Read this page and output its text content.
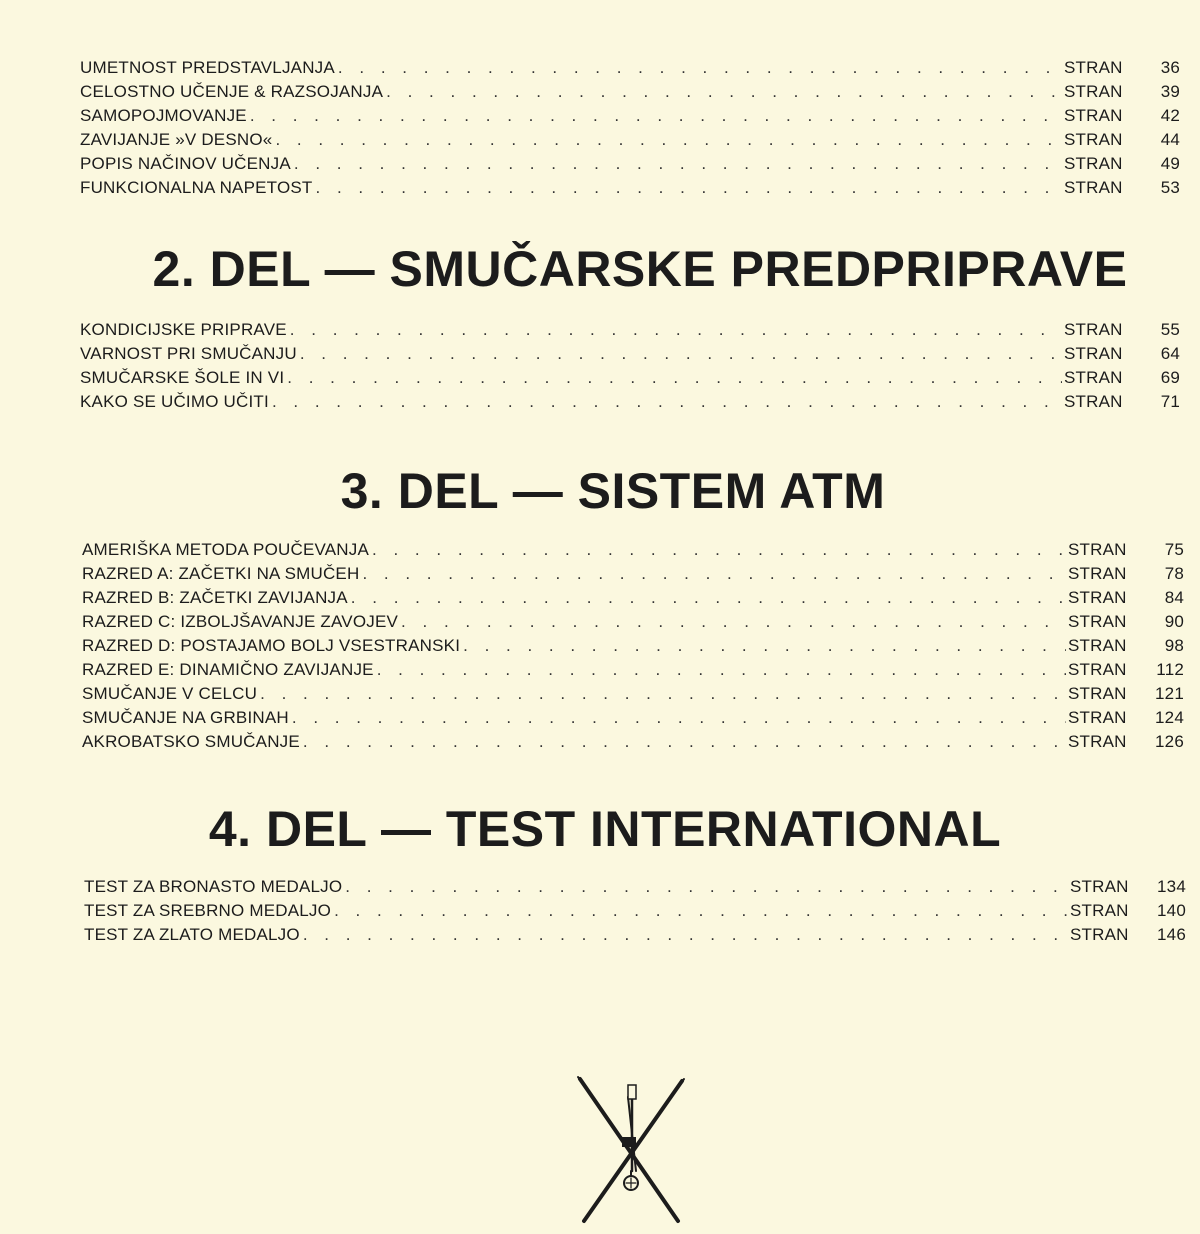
UMETNOST PREDSTAVLJANJA . . .	STRAN	36
CELOSTNO UČENJE & RAZSOJANJA . . .	STRAN	39
SAMOPOJMOVANJE . . .	STRAN	42
ZAVIJANJE »V DESNO« . . .	STRAN	44
POPIS NAČINOV UČENJA . . .	STRAN	49
FUNKCIONALNA NAPETOST . . .	STRAN	53
2. DEL — SMUČARSKE PREDPRIPRAVE
KONDICIJSKE PRIPRAVE . . .	STRAN	55
VARNOST PRI SMUČANJU . . .	STRAN	64
SMUČARSKE ŠOLE IN VI . . .	STRAN	69
KAKO SE UČIMO UČITI . . .	STRAN	71
3. DEL — SISTEM ATM
AMERIŠKA METODA POUČEVANJA . . .	STRAN	75
RAZRED A: ZAČETKI NA SMUČEH . . .	STRAN	78
RAZRED B: ZAČETKI ZAVIJANJA . . .	STRAN	84
RAZRED C: IZBOLJŠAVANJE ZAVOJEV . . .	STRAN	90
RAZRED D: POSTAJAMO BOLJ VSESTRANSKI . . .	STRAN	98
RAZRED E: DINAMIČNO ZAVIJANJE . . .	STRAN	112
SMUČANJE V CELCU . . .	STRAN	121
SMUČANJE NA GRBINAH . . .	STRAN	124
AKROBATSKO SMUČANJE . . .	STRAN	126
4. DEL — TEST INTERNATIONAL
TEST ZA BRONASTO MEDALJO . . .	STRAN	134
TEST ZA SREBRNO MEDALJO . . .	STRAN	140
TEST ZA ZLATO MEDALJO . . .	STRAN	146
